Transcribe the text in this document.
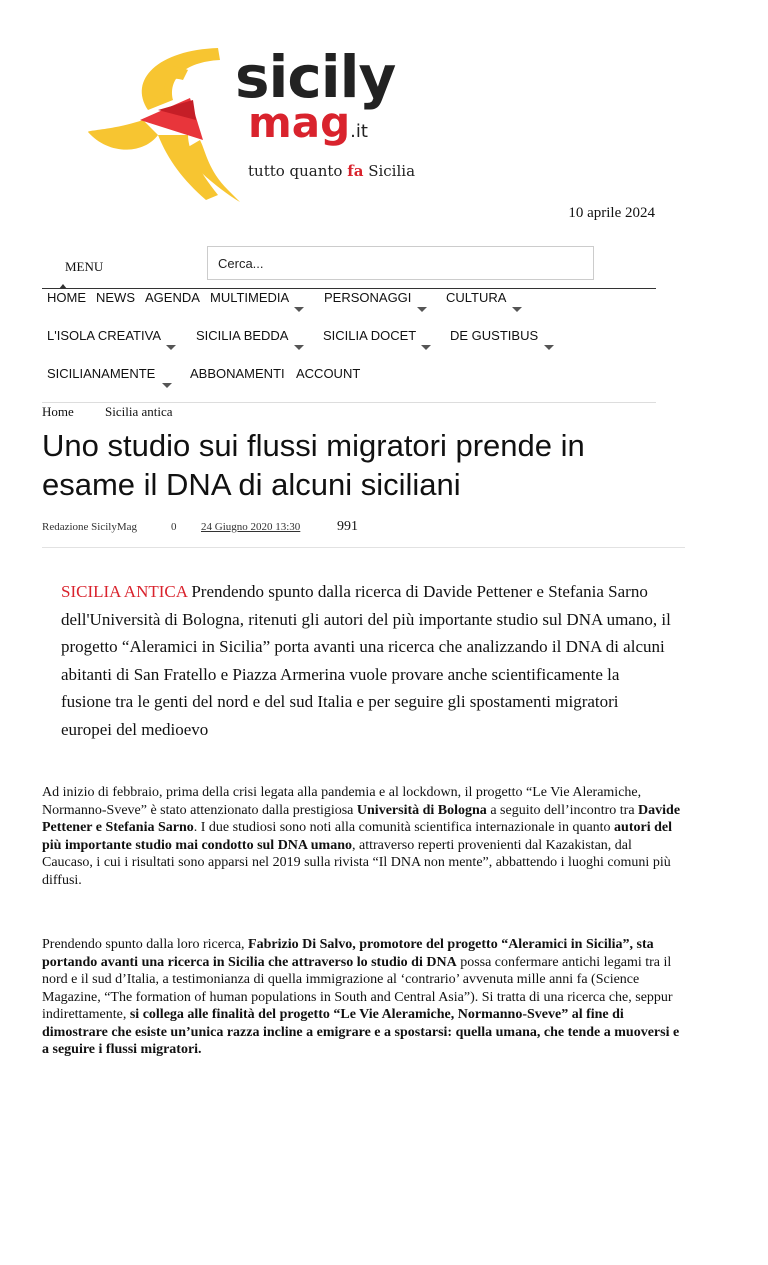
sicily
mag.it
tutto quanto fa Sicilia
10 aprile 2024
MENU	Cerca...
HOME NEWS AGENDA MULTIMEDIA	PERSONAGGI	CULTURA
L'ISOLA CREATIVA	SICILIA BEDDA	SICILIA DOCET	DE GUSTIBUS
SICILIANAMENTE	ABBONAMENTI ACCOUNT
Home Sicilia antica
Uno studio sui flussi migratori prende in esame il DNA di alcuni siciliani
Redazione SicilyMag	0 24 Giugno 2020 13:30	991
SICILIA ANTICA Prendendo spunto dalla ricerca di Davide Pettener e Stefania Sarno dell'Università di Bologna, ritenuti gli autori del più importante studio sul DNA umano, il progetto “Aleramici in Sicilia” porta avanti una ricerca che analizzando il DNA di alcuni abitanti di San Fratello e Piazza Armerina vuole provare anche scientificamente la fusione tra le genti del nord e del sud Italia e per seguire gli spostamenti migratori europei del medioevo

Ad inizio di febbraio, prima della crisi legata alla pandemia e al lockdown, il progetto “Le Vie Aleramiche, Normanno-Sveve” è stato attenzionato dalla prestigiosa Università di Bologna a seguito dell’incontro tra Davide Pettener e Stefania Sarno. I due studiosi sono noti alla comunità scientifica internazionale in quanto autori del più importante studio mai condotto sul DNA umano, attraverso reperti provenienti dal Kazakistan, dal Caucaso, i cui i risultati sono apparsi nel 2019 sulla rivista “Il DNA non mente”, abbattendo i luoghi comuni più diffusi.

Prendendo spunto dalla loro ricerca, Fabrizio Di Salvo, promotore del progetto “Aleramici in Sicilia”, sta portando avanti una ricerca in Sicilia che attraverso lo studio di DNA possa confermare antichi legami tra il nord e il sud d’Italia, a testimonianza di quella immigrazione al ‘contrario’ avvenuta mille anni fa (Science Magazine, “The formation of human populations in South and Central Asia”). Si tratta di una ricerca che, seppur indirettamente, si collega alle finalità del progetto “Le Vie Aleramiche, Normanno-Sveve” al fine di dimostrare che esiste un’unica razza incline a emigrare e a spostarsi: quella umana, che tende a muoversi e a seguire i flussi migratori.
